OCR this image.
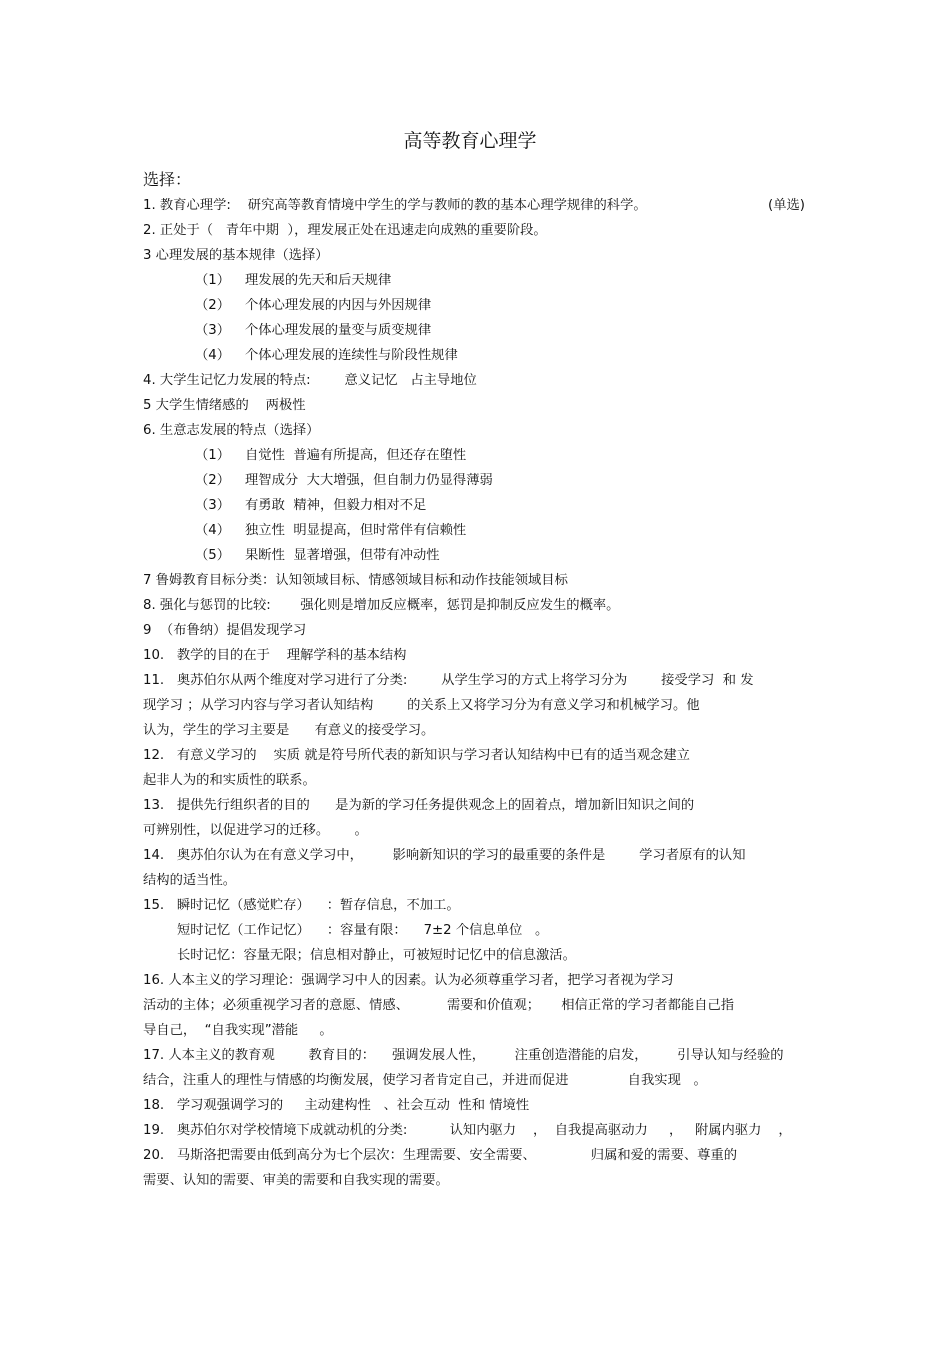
高等教育心理学
选择：
1. 教育心理学:    研究高等教育情境中学生的学与教师的教的基本心理学规律的科学。	(单选)
2. 正处于（   青年中期  ），理发展正处在迅速走向成熟的重要阶段。
3 心理发展的基本规律（选择）
（1） 理发展的先天和后天规律
（2） 个体心理发展的内因与外因规律
（3） 个体心理发展的量变与质变规律
（4） 个体心理发展的连续性与阶段性规律
4. 大学生记忆力发展的特点:        意义记忆   占主导地位
5 大学生情绪感的    两极性
6. 生意志发展的特点（选择）
（1） 自觉性  普遍有所提高，但还存在堕性
（2） 理智成分  大大增强，但自制力仍显得薄弱
（3） 有勇敢  精神，但毅力相对不足
（4） 独立性  明显提高，但时常伴有信赖性
（5） 果断性  显著增强，但带有冲动性
7 鲁姆教育目标分类：认知领域目标、情感领域目标和动作技能领域目标
8. 强化与惩罚的比较:       强化则是增加反应概率，惩罚是抑制反应发生的概率。
9  （布鲁纳）提倡发现学习
10.   教学的目的在于    理解学科的基本结构
11.   奥苏伯尔从两个维度对学习进行了分类:        从学生学习的方式上将学习分为        接受学习  和 发
现学习 ；从学习内容与学习者认知结构        的关系上又将学习分为有意义学习和机械学习。他
认为，学生的学习主要是      有意义的接受学习。
12.   有意义学习的    实质 就是符号所代表的新知识与学习者认知结构中已有的适当观念建立
起非人为的和实质性的联系。
13.   提供先行组织者的目的      是为新的学习任务提供观念上的固着点，增加新旧知识之间的
可辨别性，以促进学习的迁移。      。
14.   奥苏伯尔认为在有意义学习中，       影响新知识的学习的最重要的条件是        学习者原有的认知
结构的适当性。
15.   瞬时记忆（感觉贮存）    ：暂存信息，不加工。
短时记忆（工作记忆）    ：容量有限：    7±2 个信息单位   。
长时记忆：容量无限；信息相对静止，可被短时记忆中的信息激活。
16. 人本主义的学习理论：强调学习中人的因素。认为必须尊重学习者，把学习者视为学习
活动的主体；必须重视学习者的意愿、情感、         需要和价值观；     相信正常的学习者都能自己指
导自己，  “自我实现”潜能     。
17. 人本主义的教育观        教育目的：    强调发展人性，       注重创造潜能的启发，       引导认知与经验的
结合，注重人的理性与情感的均衡发展，使学习者肯定自己，并进而促进              自我实现   。
18.   学习观强调学习的     主动建构性   、社会互动  性和 情境性
19.   奥苏伯尔对学校情境下成就动机的分类:          认知内驱力    ，  自我提高驱动力     ，   附属内驱力    ，
20.   马斯洛把需要由低到高分为七个层次：生理需要、安全需要、             归属和爱的需要、尊重的
需要、认知的需要、审美的需要和自我实现的需要。
